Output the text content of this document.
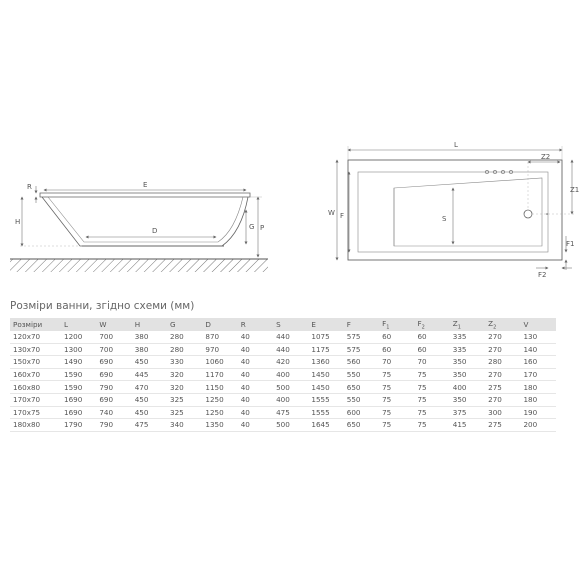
R	E
H
D	G P
L
Z2
Z1
W F	S
F1
F2
Розміри ванни, згідно схеми (мм)
Розміри	L	W	H	G	D	R	S	E	F	$F_1$	$F_2$	$Z_1$	$Z_2$	V
120x70	1200	700	380	280	870	40	440	1075	575	60	60	335	270	130
130x70	1300	700	380	280	970	40	440	1175	575	60	60	335	270	140
150x70	1490	690	450	330	1060	40	420	1360	560	70	70	350	280	160
160x70	1590	690	445	320	1170	40	400	1450	550	75	75	350	270	170
160x80	1590	790	470	320	1150	40	500	1450	650	75	75	400	275	180
170x70	1690	690	450	325	1250	40	400	1555	550	75	75	350	270	180
170x75	1690	740	450	325	1250	40	475	1555	600	75	75	375	300	190
180x80	1790	790	475	340	1350	40	500	1645	650	75	75	415	275	200
